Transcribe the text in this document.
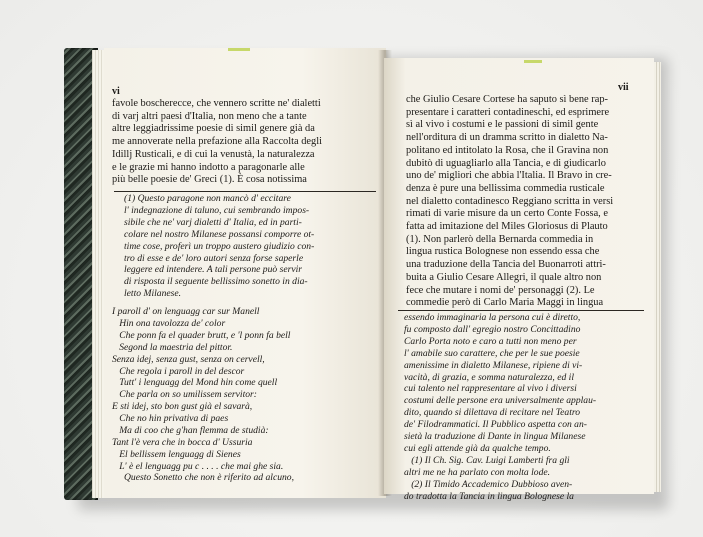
vi
favole boscherecce, che vennero scritte ne' dialetti
di varj altri paesi d'Italia, non meno che a tante
altre leggiadrissime poesie di simil genere già da
me annoverate nella prefazione alla Raccolta degli
Idillj Rusticali, e di cui la venustà, la naturalezza
e le grazie mi hanno indotto a paragonarle alle
più belle poesie de' Greci (1). È cosa notissima
(1) Questo paragone non mancò d' eccitare
l' indegnazione di taluno, cui sembrando impos-
sibile che ne' varj dialetti d' Italia, ed in parti-
colare nel nostro Milanese possansi comporre ot-
time cose, proferì un troppo austero giudizio con-
tro di esse e de' loro autori senza forse saperle
leggere ed intendere. A tali persone può servir
di risposta il seguente bellissimo sonetto in dia-
letto Milanese.
I paroll d' on lenguagg car sur Manell
Hin ona tavolozza de' color
Che ponn fa el quader brutt, e 'l ponn fa bell
Segond la maestria del pittor.
Senza idej, senza gust, senza on cervell,
Che regola i paroll in del descor
Tutt' i lenguagg del Mond hin come quell
Che parla on so umilissem servitor:
E sti idej, sto bon gust già el savarà,
Che no hin privativa di paes
Ma di coo che g'han flemma de studià:
Tant l'è vera che in bocca d' Ussuria
El bellissem lenguagg di Sienes
L' è el lenguagg pu c . . . . che mai ghe sia.
Questo Sonetto che non è riferito ad alcuno,
vii
che Giulio Cesare Cortese ha saputo sì bene rap-
presentare i caratteri contadineschi, ed esprimere
sì al vivo i costumi e le passioni di simil gente
nell'orditura di un dramma scritto in dialetto Na-
politano ed intitolato la Rosa, che il Gravina non
dubitò di uguagliarlo alla Tancia, e di giudicarlo
uno de' migliori che abbia l'Italia. Il Bravo in cre-
denza è pure una bellissima commedia rusticale
nel dialetto contadinesco Reggiano scritta in versi
rimati di varie misure da un certo Conte Fossa, e
fatta ad imitazione del Miles Gloriosus di Plauto
(1). Non parlerò della Bernarda commedia in
lingua rustica Bolognese non essendo essa che
una traduzione della Tancia del Buonarroti attri-
buita a Giulio Cesare Allegri, il quale altro non
fece che mutare i nomi de' personaggi (2). Le
commedie però di Carlo Maria Maggi in lingua
essendo immaginaria la persona cui è diretto,
fu composto dall' egregio nostro Concittadino
Carlo Porta noto e caro a tutti non meno per
l' amabile suo carattere, che per le sue poesie
amenissime in dialetto Milanese, ripiene di vi-
vacità, di grazia, e somma naturalezza, ed il
cui talento nel rappresentare al vivo i diversi
costumi delle persone era universalmente applau-
dito, quando si dilettava di recitare nel Teatro
de' Filodrammatici. Il Pubblico aspetta con an-
sietà la traduzione di Dante in lingua Milanese
cui egli attende già da qualche tempo.
(1) Il Ch. Sig. Cav. Luigi Lamberti fra gli
altri me ne ha parlato con molta lode.
(2) Il Timido Accademico Dubbioso aven-
do tradotta la Tancia in lingua Bolognese la
